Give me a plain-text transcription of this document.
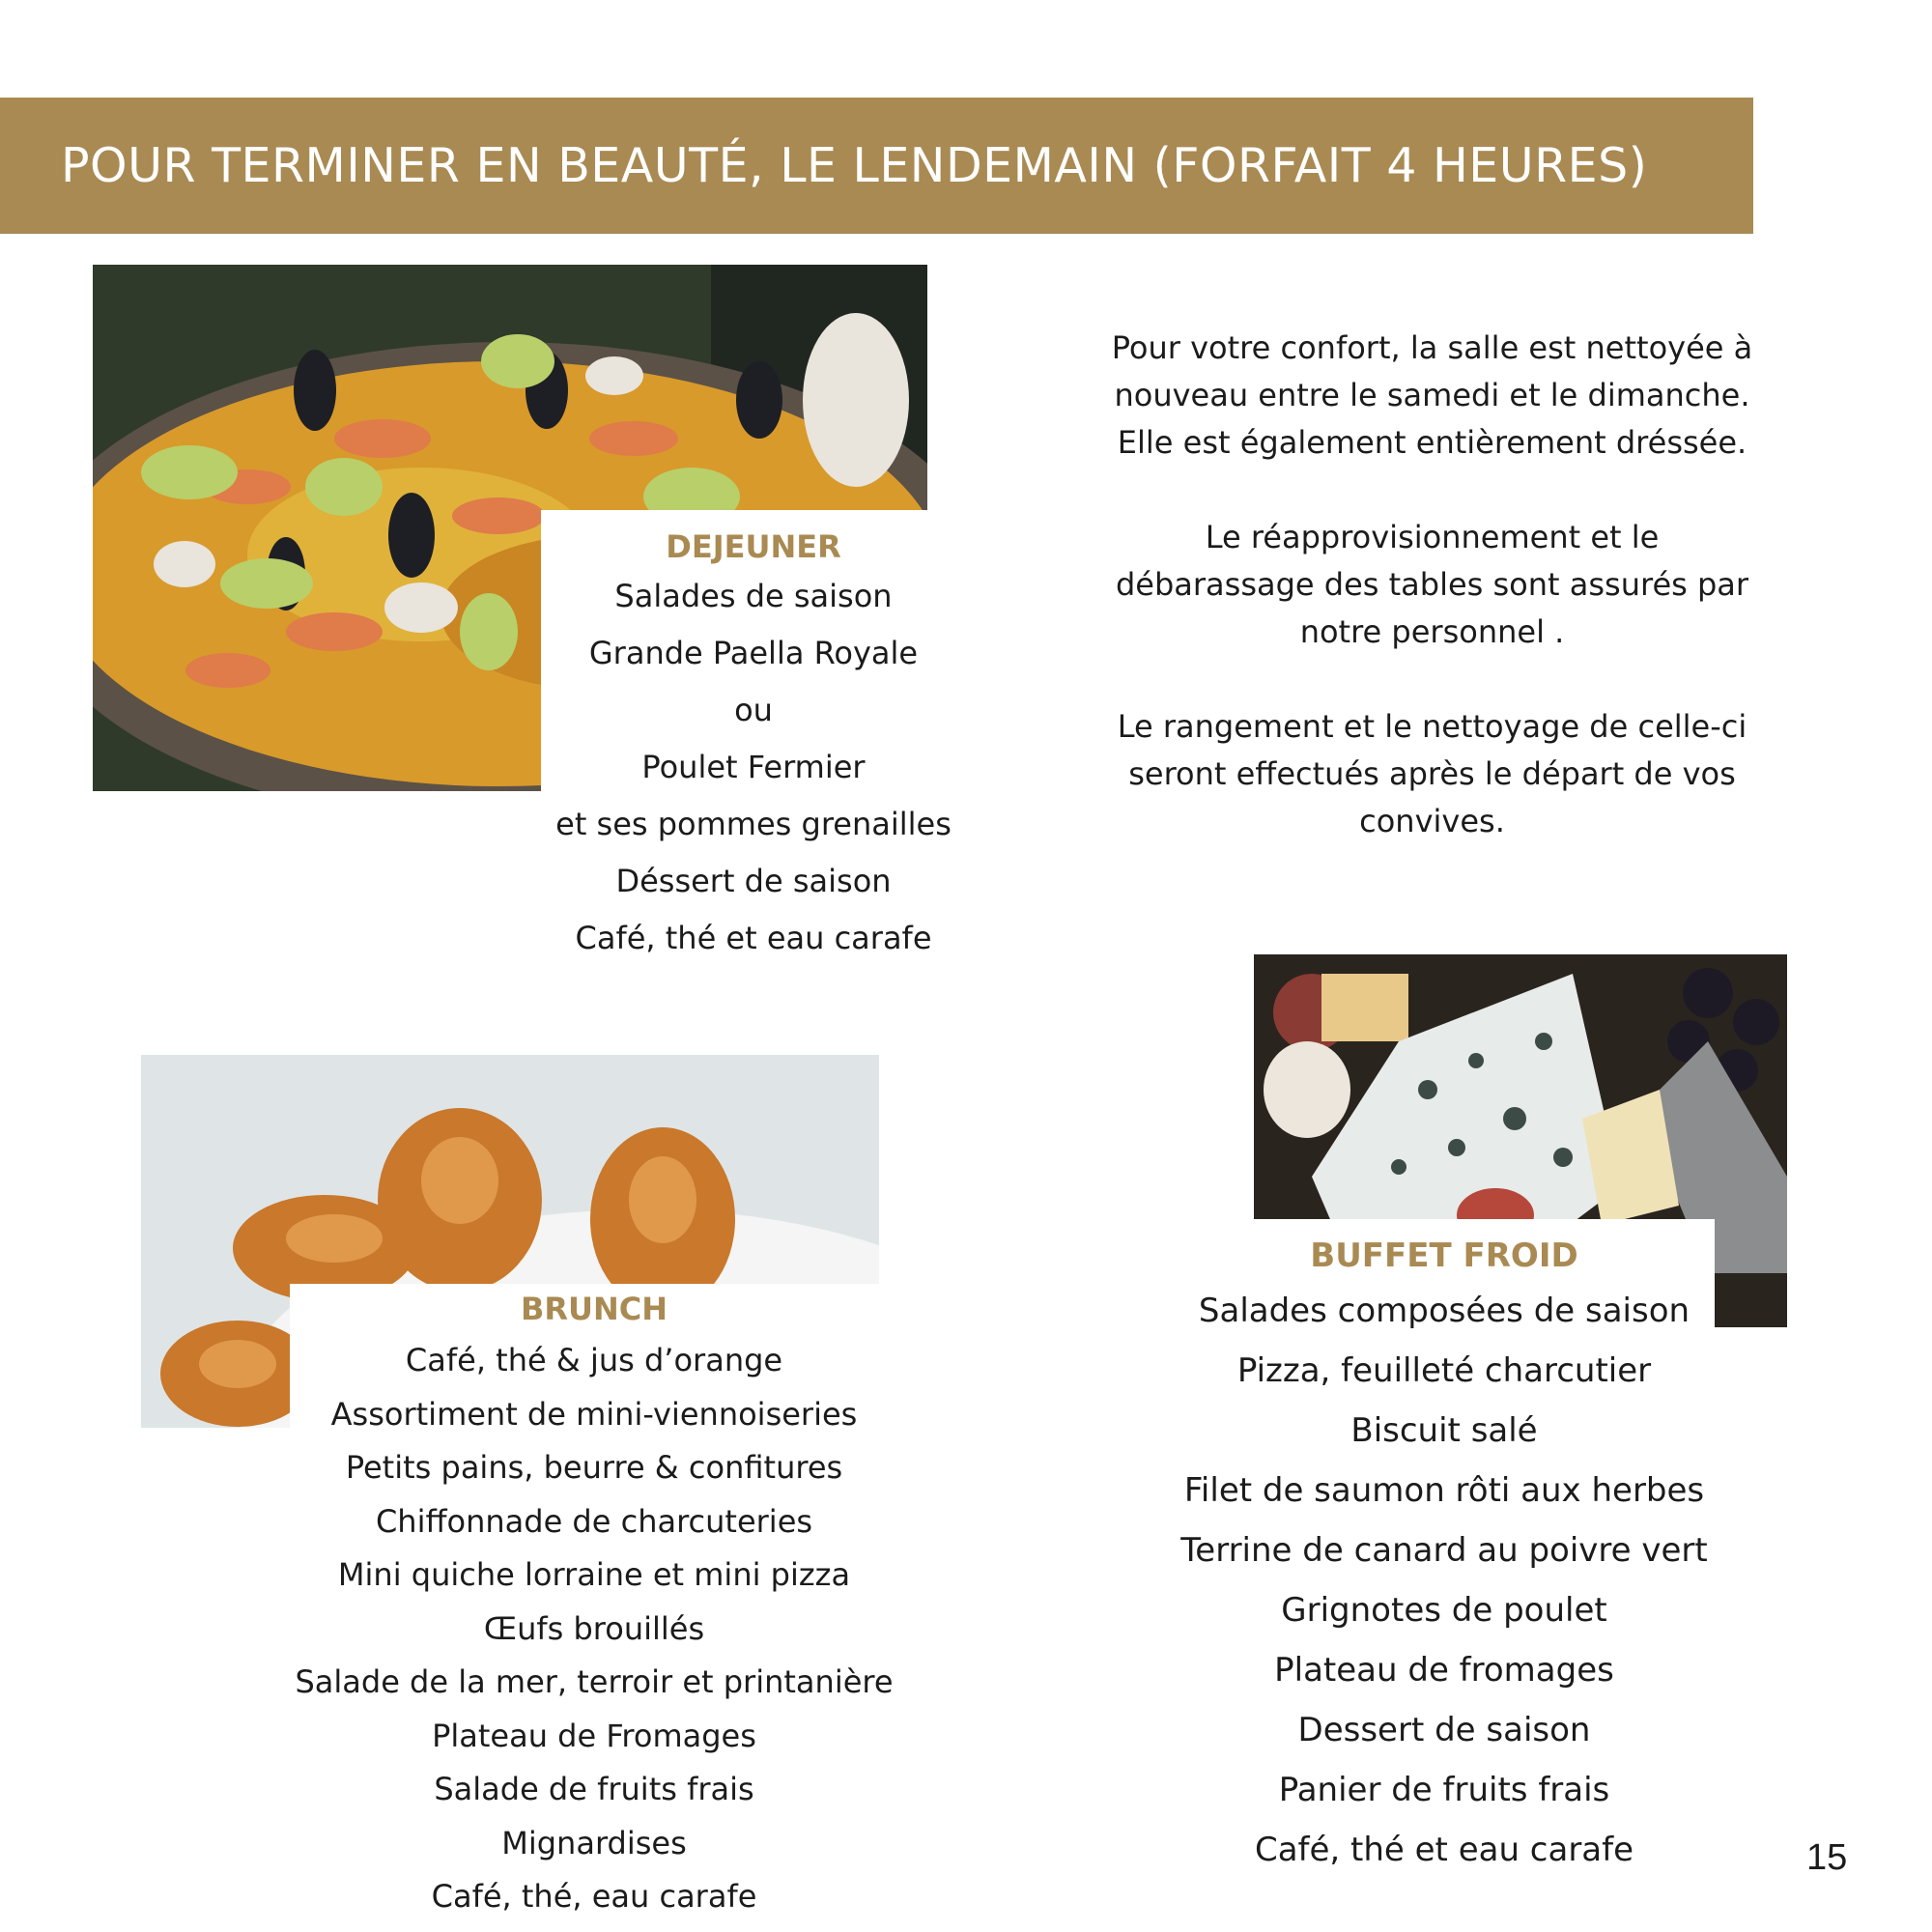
POUR TERMINER EN BEAUTÉ, LE LENDEMAIN (FORFAIT 4 HEURES)
DEJEUNER
Salades de saison
Grande Paella Royale
ou
Poulet Fermier
et ses pommes grenailles
Déssert de saison
Café, thé et eau carafe

Pour votre confort, la salle est nettoyée à nouveau entre le samedi et le dimanche. Elle est également entièrement dréssée.

Le réapprovisionnement et le débarassage des tables sont assurés par notre personnel .

Le rangement et le nettoyage de celle-ci seront effectués après le départ de vos convives.

BRUNCH
Café, thé & jus d’orange
Assortiment de mini-viennoiseries
Petits pains, beurre & confitures
Chiffonnade de charcuteries
Mini quiche lorraine et mini pizza
Œufs brouillés
Salade de la mer, terroir et printanière
Plateau de Fromages
Salade de fruits frais
Mignardises
Café, thé, eau carafe
BUFFET FROID
Salades composées de saison
Pizza, feuilleté charcutier
Biscuit salé
Filet de saumon rôti aux herbes
Terrine de canard au poivre vert
Grignotes de poulet
Plateau de fromages
Dessert de saison
Panier de fruits frais
Café, thé et eau carafe	15
